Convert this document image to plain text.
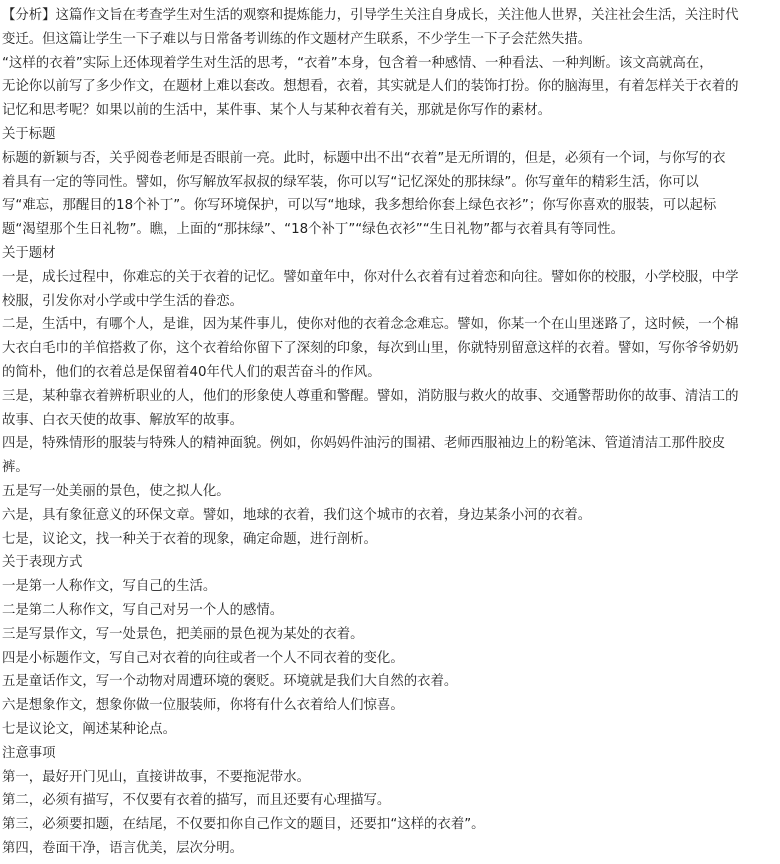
【分析】这篇作文旨在考查学生对生活的观察和提炼能力，引导学生关注自身成长，关注他人世界，关注社会生活，关注时代
变迁。但这篇让学生一下子难以与日常备考训练的作文题材产生联系，不少学生一下子会茫然失措。
“这样的衣着”实际上还体现着学生对生活的思考，“衣着”本身，包含着一种感情、一种看法、一种判断。该文高就高在，
无论你以前写了多少作文，在题材上难以套改。想想看，衣着，其实就是人们的装饰打扮。你的脑海里，有着怎样关于衣着的
记忆和思考呢？如果以前的生活中，某件事、某个人与某种衣着有关，那就是你写作的素材。
关于标题
标题的新颖与否，关乎阅卷老师是否眼前一亮。此时，标题中出不出“衣着”是无所谓的，但是，必须有一个词，与你写的衣
着具有一定的等同性。譬如，你写解放军叔叔的绿军装，你可以写“记忆深处的那抹绿”。你写童年的精彩生活，你可以
写“难忘，那醒目的18个补丁”。你写环境保护，可以写“地球，我多想给你套上绿色衣衫”；你写你喜欢的服装，可以起标
题“渴望那个生日礼物”。瞧，上面的“那抹绿”、“18个补丁”“绿色衣衫”“生日礼物”都与衣着具有等同性。
关于题材
一是，成长过程中，你难忘的关于衣着的记忆。譬如童年中，你对什么衣着有过着恋和向往。譬如你的校服，小学校服，中学
校服，引发你对小学或中学生活的眷恋。
二是，生活中，有哪个人，是谁，因为某件事儿，使你对他的衣着念念难忘。譬如，你某一个在山里迷路了，这时候，一个棉
大衣白毛巾的羊倌搭救了你，这个衣着给你留下了深刻的印象，每次到山里，你就特别留意这样的衣着。譬如，写你爷爷奶奶
的简朴，他们的衣着总是保留着40年代人们的艰苦奋斗的作风。
三是，某种靠衣着辨析职业的人，他们的形象使人尊重和警醒。譬如，消防服与救火的故事、交通警帮助你的故事、清洁工的
故事、白衣天使的故事、解放军的故事。
四是，特殊情形的服装与特殊人的精神面貌。例如，你妈妈件油污的围裙、老师西服袖边上的粉笔沫、管道清洁工那件胶皮
裤。
五是写一处美丽的景色，使之拟人化。
六是，具有象征意义的环保文章。譬如，地球的衣着，我们这个城市的衣着，身边某条小河的衣着。
七是，议论文，找一种关于衣着的现象，确定命题，进行剖析。
关于表现方式
一是第一人称作文，写自己的生活。
二是第二人称作文，写自己对另一个人的感情。
三是写景作文，写一处景色，把美丽的景色视为某处的衣着。
四是小标题作文，写自己对衣着的向往或者一个人不同衣着的变化。
五是童话作文，写一个动物对周遭环境的褒贬。环境就是我们大自然的衣着。
六是想象作文，想象你做一位服装师，你将有什么衣着给人们惊喜。
七是议论文，阐述某种论点。
注意事项
第一，最好开门见山，直接讲故事，不要拖泥带水。
第二，必须有描写，不仅要有衣着的描写，而且还要有心理描写。
第三，必须要扣题，在结尾，不仅要扣你自己作文的题目，还要扣“这样的衣着”。
第四，卷面干净，语言优美，层次分明。
